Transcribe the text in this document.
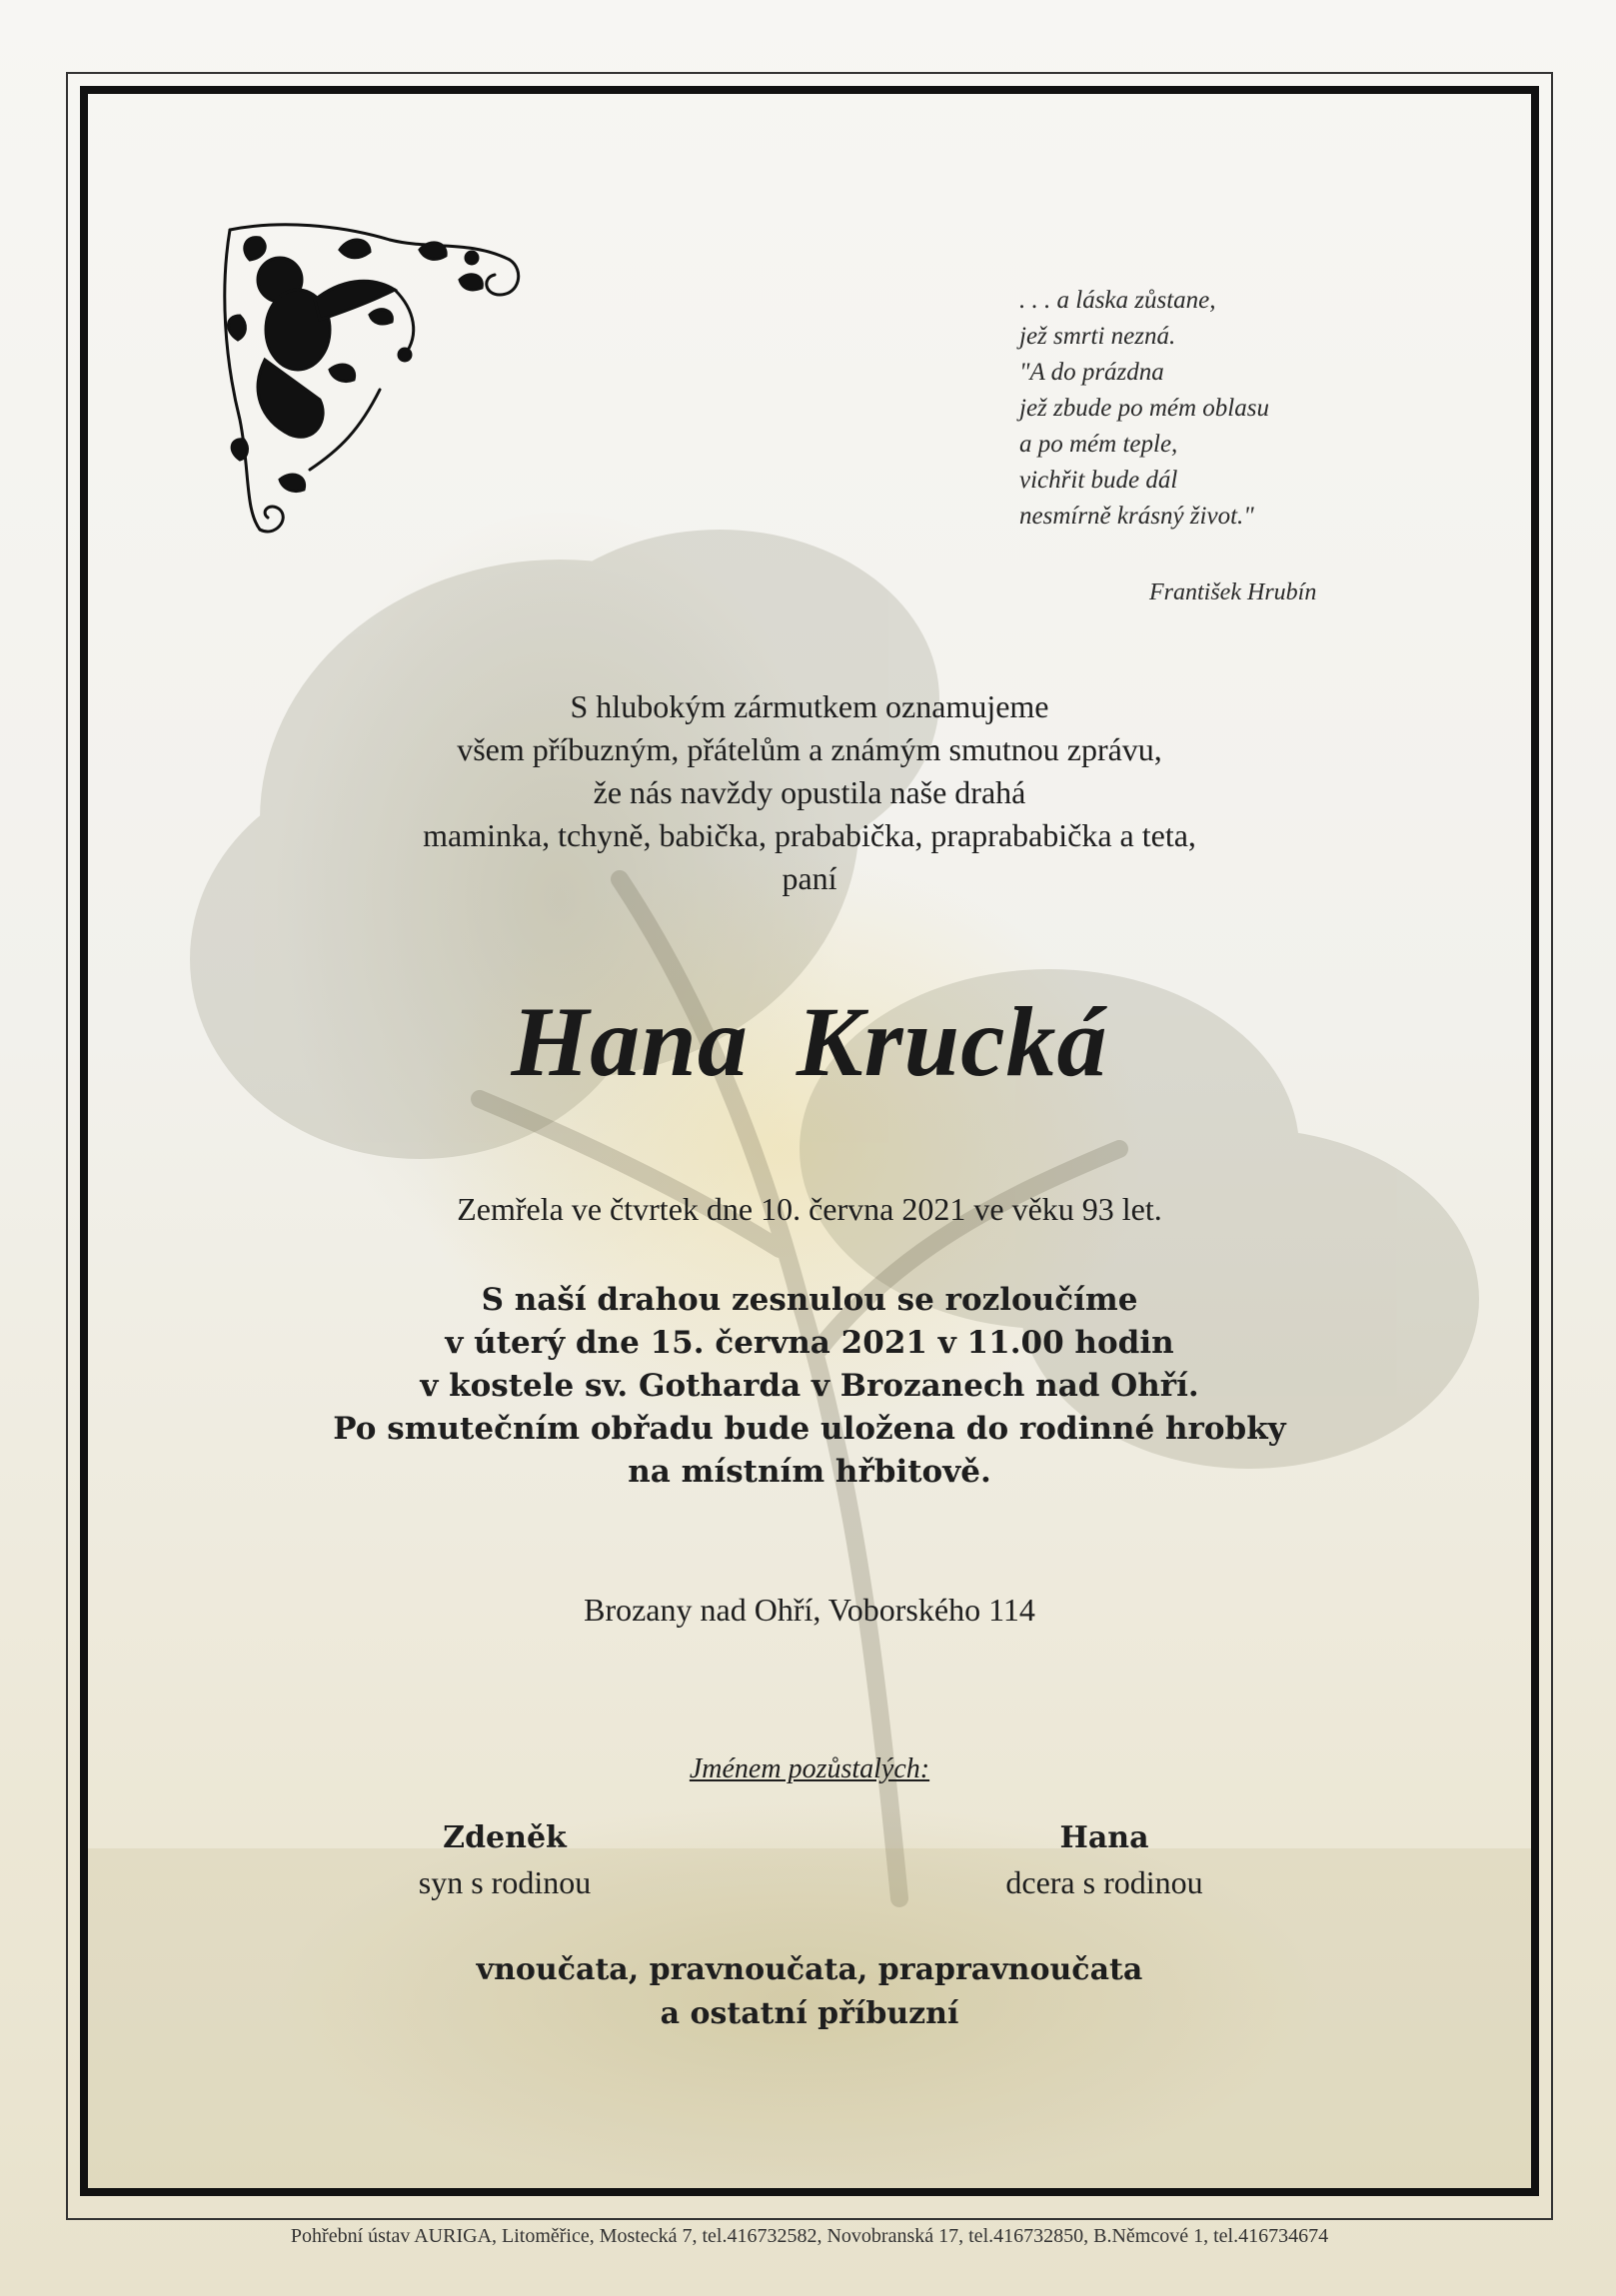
. . . a láska zůstane,
jež smrti nezná.
"A do prázdna
jež zbude po mém oblasu
a po mém teple,
vichřit bude dál
nesmírně krásný život."
František Hrubín
S hlubokým zármutkem oznamujeme
všem příbuzným, přátelům a známým smutnou zprávu,
že nás navždy opustila naše drahá
maminka, tchyně, babička, prababička, praprababička a teta,
paní
Hana Krucká
Zemřela ve čtvrtek dne 10. června 2021 ve věku 93 let.
S naší drahou zesnulou se rozloučíme
v úterý dne 15. června 2021 v 11.00 hodin
v kostele sv. Gotharda v Brozanech nad Ohří.
Po smutečním obřadu bude uložena do rodinné hrobky
na místním hřbitově.
Brozany nad Ohří, Voborského 114
Jménem pozůstalých:
Zdeněk
syn s rodinou
Hana
dcera s rodinou
vnoučata, pravnoučata, prapravnoučata
a ostatní příbuzní
Pohřební ústav AURIGA, Litoměřice, Mostecká 7, tel.416732582, Novobranská 17, tel.416732850, B.Němcové 1, tel.416734674
